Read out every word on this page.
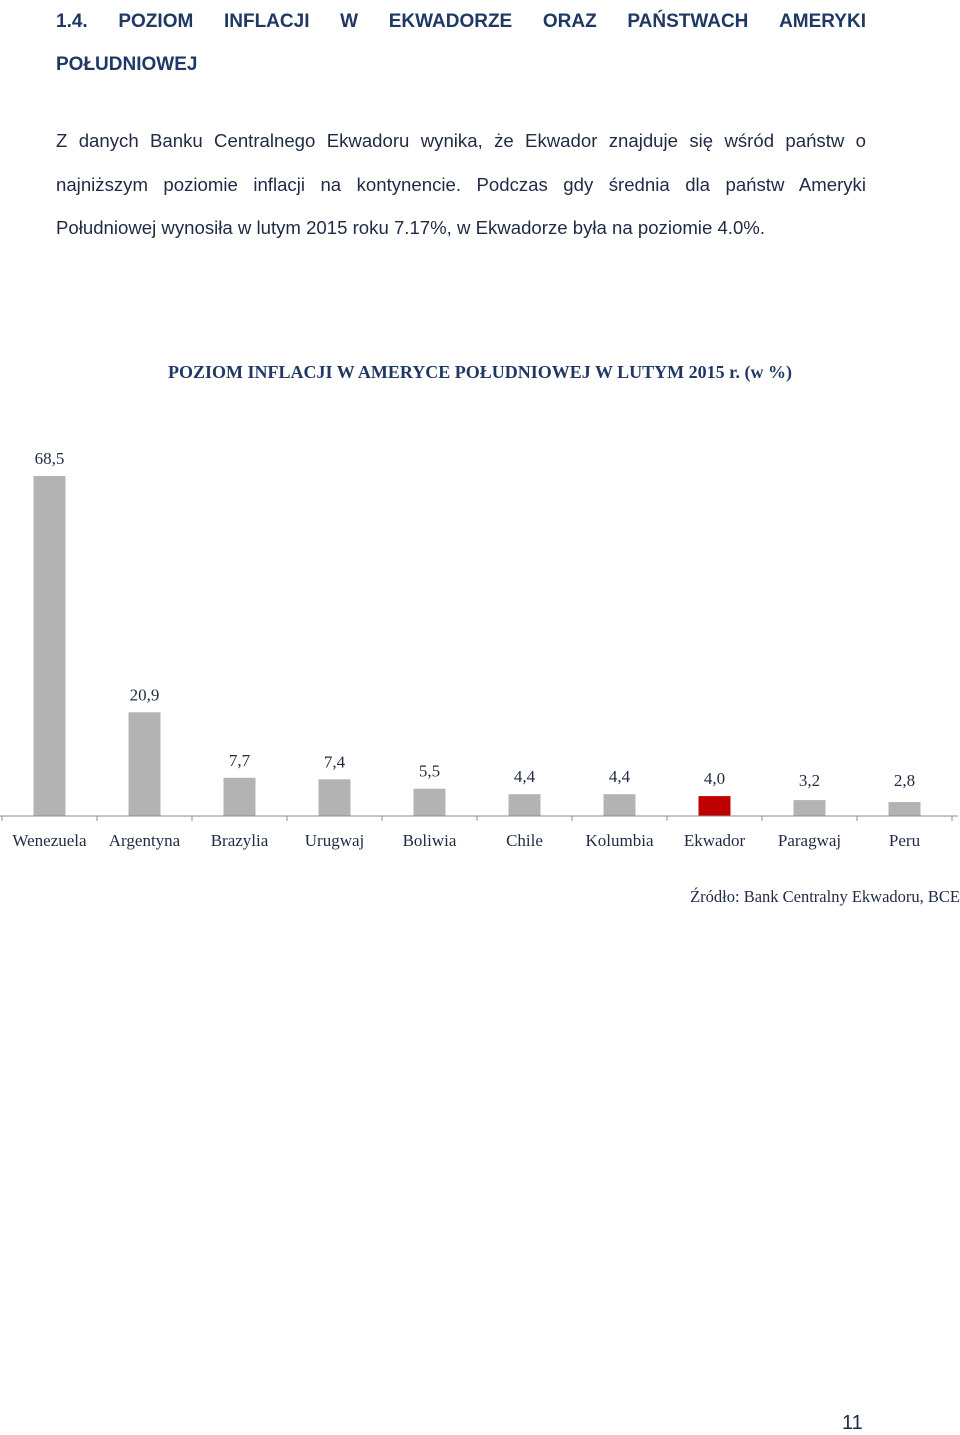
1.4. POZIOM INFLACJI W EKWADORZE ORAZ PAŃSTWACH AMERYKI
POŁUDNIOWEJ
Z danych Banku Centralnego Ekwadoru wynika, że Ekwador znajduje się wśród państw o najniższym poziomie inflacji na kontynencie. Podczas gdy średnia dla państw Ameryki Południowej wynosiła w lutym 2015 roku 7.17%, w Ekwadorze była na poziomie 4.0%.
POZIOM INFLACJI W AMERYCE POŁUDNIOWEJ W LUTYM 2015 r. (w %)
68,5
Wenezuela
20,9
Argentyna
7,7
Brazylia
7,4
Urugwaj
5,5
Boliwia
4,4
Chile
4,4
Kolumbia
4,0
Ekwador
3,2
Paragwaj
2,8
Peru
Źródło: Bank Centralny Ekwadoru, BCE
11
